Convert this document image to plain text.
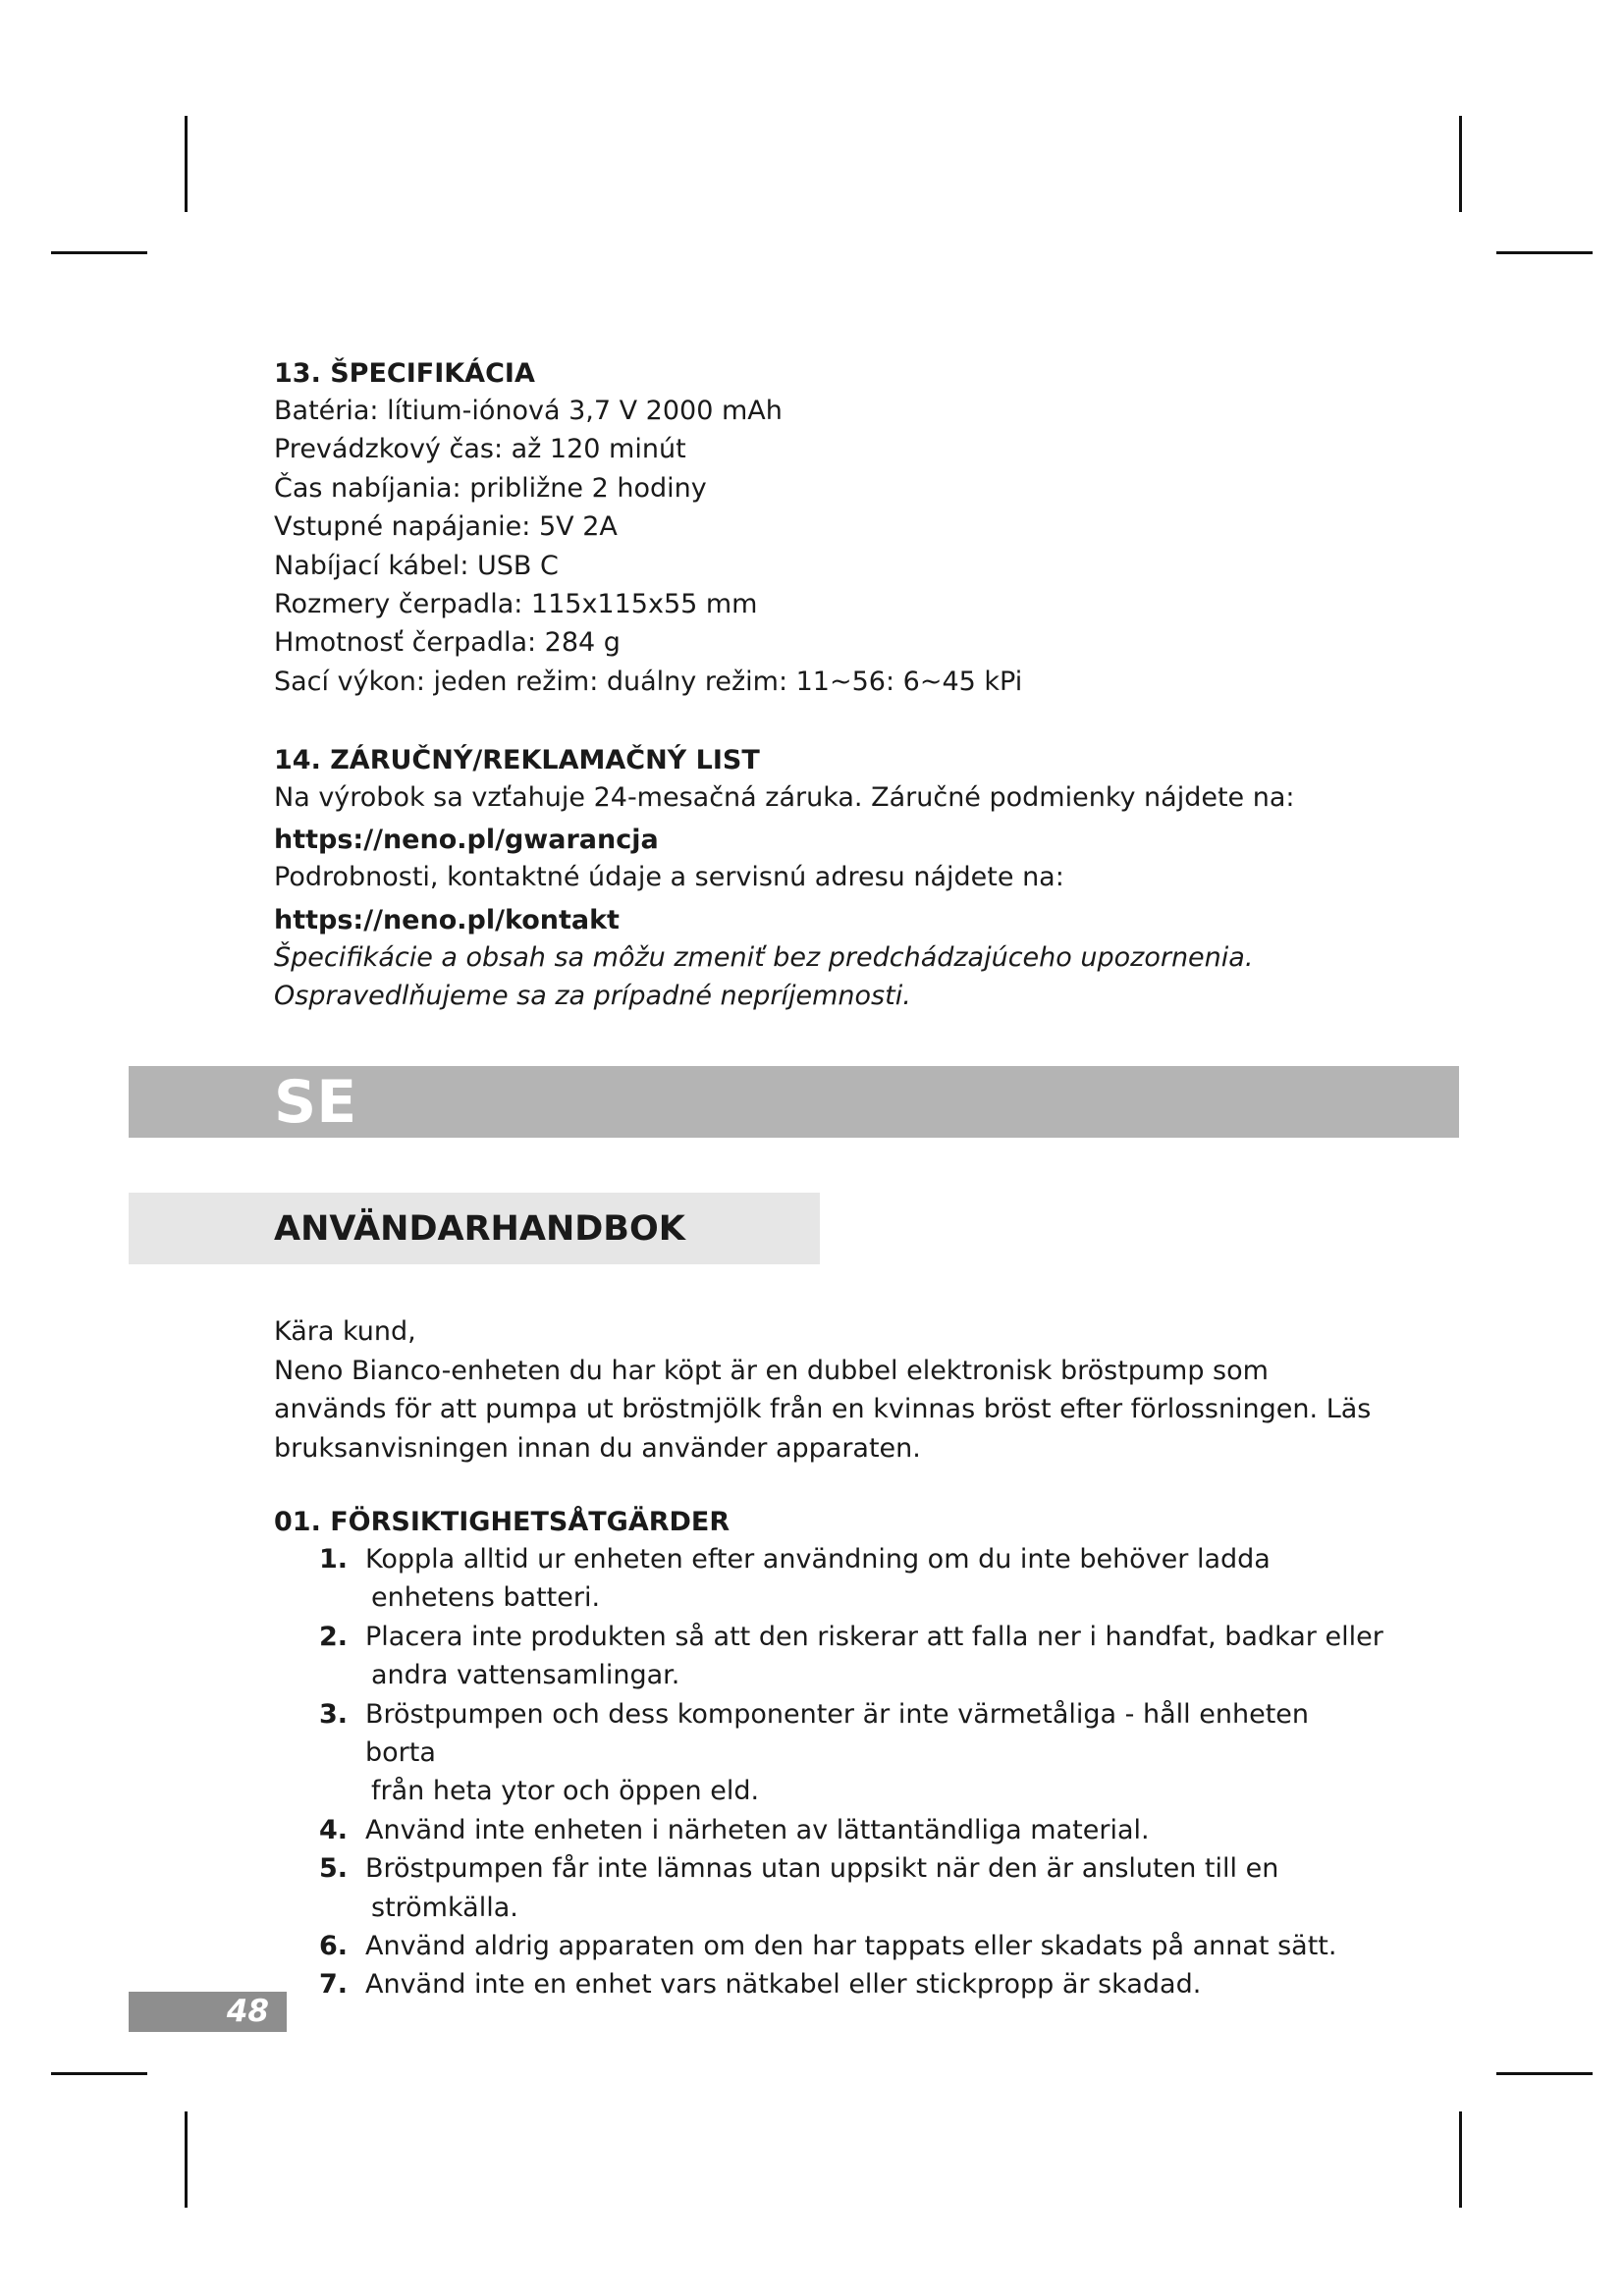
13. ŠPECIFIKÁCIA
Batéria: lítium-iónová 3,7 V 2000 mAh
Prevádzkový čas: až 120 minút
Čas nabíjania: približne 2 hodiny
Vstupné napájanie: 5V 2A
Nabíjací kábel: USB C
Rozmery čerpadla: 115x115x55 mm
Hmotnosť čerpadla: 284 g
Sací výkon: jeden režim: duálny režim: 11~56: 6~45 kPi
14. ZÁRUČNÝ/REKLAMAČNÝ LIST
Na výrobok sa vzťahuje 24-mesačná záruka. Záručné podmienky nájdete na:
https://neno.pl/gwarancja
Podrobnosti, kontaktné údaje a servisnú adresu nájdete na:
https://neno.pl/kontakt
Špecifikácie a obsah sa môžu zmeniť bez predchádzajúceho upozornenia.
Ospravedlňujeme sa za prípadné nepríjemnosti.
SE
ANVÄNDARHANDBOK
Kära kund,
Neno Bianco-enheten du har köpt är en dubbel elektronisk bröstpump som
används för att pumpa ut bröstmjölk från en kvinnas bröst efter förlossningen. Läs
bruksanvisningen innan du använder apparaten.
01. FÖRSIKTIGHETSÅTGÄRDER
1. Koppla alltid ur enheten efter användning om du inte behöver ladda
enhetens batteri.
2. Placera inte produkten så att den riskerar att falla ner i handfat, badkar eller
andra vattensamlingar.
3. Bröstpumpen och dess komponenter är inte värmetåliga - håll enheten borta
från heta ytor och öppen eld.
4. Använd inte enheten i närheten av lättantändliga material.
5. Bröstpumpen får inte lämnas utan uppsikt när den är ansluten till en
strömkälla.
6. Använd aldrig apparaten om den har tappats eller skadats på annat sätt.
7. Använd inte en enhet vars nätkabel eller stickpropp är skadad.
48
